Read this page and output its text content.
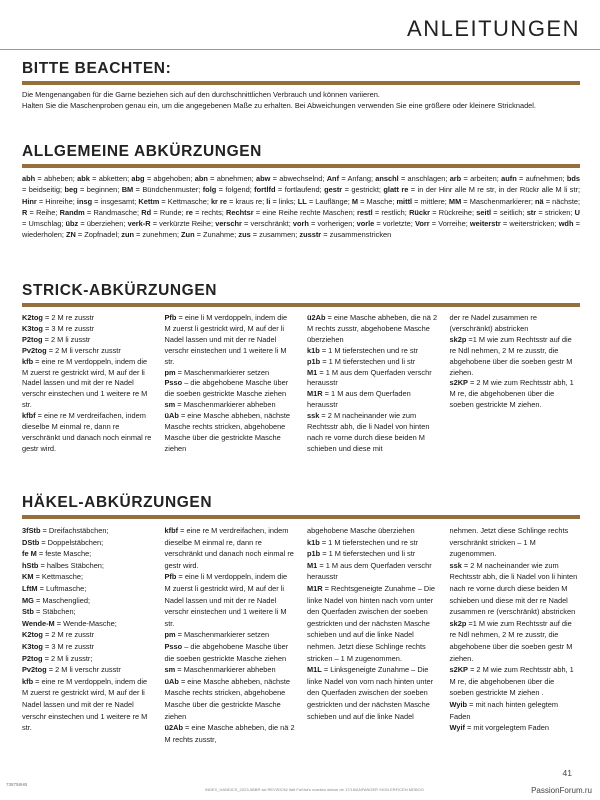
ANLEITUNGEN
BITTE BEACHTEN:
Die Mengenangaben für die Garne beziehen sich auf den durchschnittlichen Verbrauch und können variieren.
Halten Sie die Maschenproben genau ein, um die angegebenen Maße zu erhalten. Bei Abweichungen verwenden Sie eine größere oder kleinere Stricknadel.
ALLGEMEINE ABKÜRZUNGEN
abh = abheben; abk = abketten; abg = abgehoben; abn = abnehmen; abw = abwechselnd; Anf = Anfang; anschl = anschlagen; arb = arbeiten; aufn = aufnehmen; bds = beidseitig; beg = beginnen; BM = Bündchenmuster; folg = folgend; fortlfd = fortlaufend; gestr = gestrickt; glatt re = in der Hinr alle M re str, in der Rückr alle M li str; Hinr = Hinreihe; insg = insgesamt; Kettm = Kettmasche; kr re = kraus re; li = links; LL = Lauflänge; M = Masche; mittl = mittlere; MM = Maschenmarkierer; nä = nächste; R = Reihe; Randm = Randmasche; Rd = Runde; re = rechts; Rechtsr = eine Reihe rechte Maschen; restl = restlich; Rückr = Rückreihe; seitl = seitlich; str = stricken; U = Umschlag; übz = überziehen; verk-R = verkürzte Reihe; verschr = verschränkt; vorh = vorherigen; vorle = vorletzte; Vorr = Vorreihe; weiterstr = weiterstricken; wdh = wiederholen; ZN = Zopfnadel; zun = zunehmen; Zun = Zunahme; zus = zusammen; zusstr = zusammenstricken
STRICK-ABKÜRZUNGEN
K2tog = 2 M re zusstr
K3tog = 3 M re zusstr
P2tog = 2 M li zusstr
Pv2tog = 2 M li verschr zusstr
kfb = eine re M verdoppeln, indem die M zuerst re gestrickt wird, M auf der li Nadel lassen und mit der re Nadel verschr einstechen und 1 weitere re M str.
kfbf = eine re M verdreifachen, indem dieselbe M einmal re, dann re verschränkt und danach noch einmal re gestr wird.
Pfb = eine li M verdoppeln, indem die M zuerst li gestrickt wird, M auf der li Nadel lassen und mit der re Nadel verschr einstechen und 1 weitere li M str.
pm = Maschenmarkierer setzen
Psso – die abgehobene Masche über die soeben gestrickte Masche ziehen
sm = Maschenmarkierer abheben
üAb = eine Masche abheben, nächste Masche rechts stricken, abgehobene Masche über die gestrickte Masche ziehen
ü2Ab = eine Masche abheben, die nä 2 M rechts zusstr, abgehobene Masche überziehen
k1b = 1 M tieferstechen und re str
p1b = 1 M tieferstechen und li str
M1 = 1 M aus dem Querfaden verschr herausstr
M1R = 1 M aus dem Querfaden herausstr
ssk = 2 M nacheinander wie zum Rechtsstr abh, die li Nadel von hinten nach re vorne durch diese beiden M schieben und diese mit
der re Nadel zusammen re (verschränkt) abstricken
sk2p =1 M wie zum Rechtsstr auf die re Ndl nehmen, 2 M re zusstr, die abgehobene über die soeben gestr M ziehen.
s2KP = 2 M wie zum Rechtsstr abh, 1 M re, die abgehobenen über die soeben gestrickte M ziehen.
HÄKEL-ABKÜRZUNGEN
3fStb = Dreifachstäbchen;
DStb = Doppelstäbchen;
fe M = feste Masche;
hStb = halbes Stäbchen;
KM = Kettmasche;
LftM = Luftmasche;
MG = Maschenglied;
Stb = Stäbchen;
Wende-M = Wende-Masche;
K2tog = 2 M re zusstr
K3tog = 3 M re zusstr
P2tog = 2 M li zusstr;
Pv2tog = 2 M li verschr zusstr
kfb = eine re M verdoppeln, indem die M zuerst re gestrickt wird, M auf der li Nadel lassen und mit der re Nadel verschr einstechen und 1 weitere re M str.
kfbf = eine re M verdreifachen, indem dieselbe M einmal re, dann re verschränkt und danach noch einmal re gestr wird.
Pfb = eine li M verdoppeln, indem die M zuerst li gestrickt wird, M auf der li Nadel lassen und mit der re Nadel verschr einstechen und 1 weitere li M str.
pm = Maschenmarkierer setzen
Psso – die abgehobene Masche über die soeben gestrickte Masche ziehen
sm = Maschenmarkierer abheben
üAb = eine Masche abheben, nächste Masche rechts stricken, abgehobene Masche über die gestrickte Masche ziehen
ü2Ab = eine Masche abheben, die nä 2 M rechts zusstr,
abgehobene Masche überziehen
k1b = 1 M tieferstechen und re str
p1b = 1 M tieferstechen und li str
M1 = 1 M aus dem Querfaden verschr herausstr
M1R = Rechtsgeneigte Zunahme – Die linke Nadel von hinten nach vorn unter den Querfaden zwischen der soeben gestrickten und der nächsten Masche schieben und auf die linke Nadel nehmen. Jetzt diese Schlinge rechts stricken – 1 M zugenommen.
M1L = Linksgeneigte Zunahme – Die linke Nadel von vorn nach hinten unter den Querfaden zwischen der soeben gestrickten und der nächsten Masche schieben und auf die linke Nadel
nehmen. Jetzt diese Schlinge rechts verschränkt stricken – 1 M zugenommen.
ssk = 2 M nacheinander wie zum Rechtsstr abh, die li Nadel von li hinten nach re vorne durch diese beiden M schieben und diese mit der re Nadel zusammen re (verschränkt) abstricken
sk2p =1 M wie zum Rechtsstr auf die re Ndl nehmen, 2 M re zusstr, die abgehobene über die soeben gestr M ziehen.
s2KP = 2 M wie zum Rechtsstr abh, 1 M re, die abgehobenen über die soeben gestrickte M ziehen .
Wyib = mit nach hinten gelegtem Faden
Wyif = mit vorgelegtem Faden
41
738758HB
INDEX_HANDICS_2023 ABBR skl REVISION/ Ifalt FaSha's ovartwo dahoe de 17/18/ANFANGER SIGN ERFICEN MDBOO	PassionForum.ru
